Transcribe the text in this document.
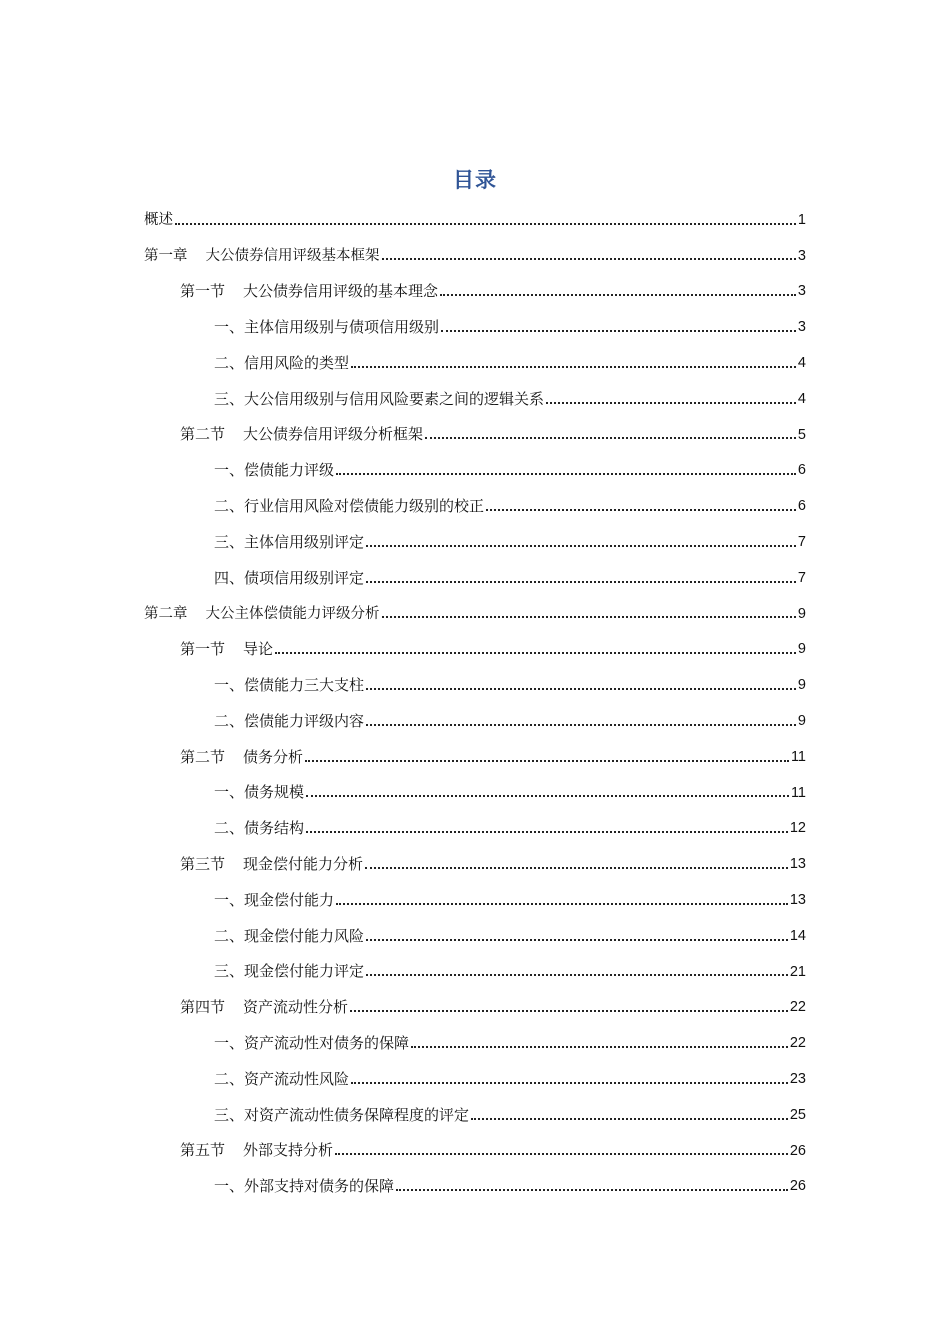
目录
概述	1
第一章 大公债券信用评级基本框架	3
第一节 大公债券信用评级的基本理念	3
一、主体信用级别与债项信用级别	3
二、信用风险的类型	4
三、大公信用级别与信用风险要素之间的逻辑关系	4
第二节 大公债券信用评级分析框架	5
一、偿债能力评级	6
二、行业信用风险对偿债能力级别的校正	6
三、主体信用级别评定	7
四、债项信用级别评定	7
第二章 大公主体偿债能力评级分析	9
第一节 导论	9
一、偿债能力三大支柱	9
二、偿债能力评级内容	9
第二节 债务分析	11
一、债务规模	11
二、债务结构	12
第三节 现金偿付能力分析	13
一、现金偿付能力	13
二、现金偿付能力风险	14
三、现金偿付能力评定	21
第四节 资产流动性分析	22
一、资产流动性对债务的保障	22
二、资产流动性风险	23
三、对资产流动性债务保障程度的评定	25
第五节 外部支持分析	26
一、外部支持对债务的保障	26
